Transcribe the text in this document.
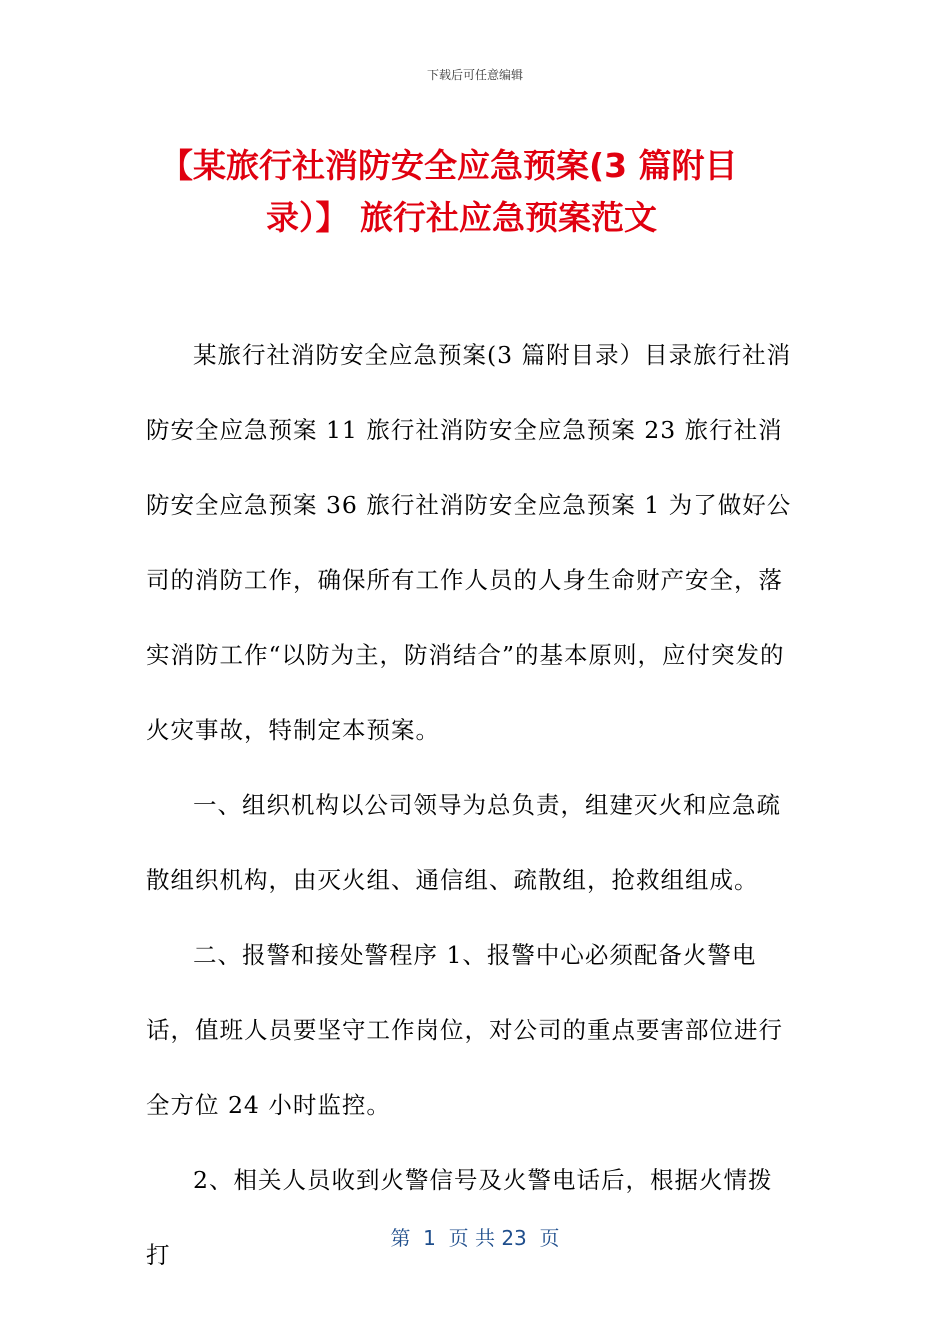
下载后可任意编辑
【某旅行社消防安全应急预案(3 篇附目
录）】 旅行社应急预案范文

某旅行社消防安全应急预案(3 篇附目录）目录旅行社消防安全应急预案 11 旅行社消防安全应急预案 23 旅行社消防安全应急预案 36 旅行社消防安全应急预案 1 为了做好公司的消防工作，确保所有工作人员的人身生命财产安全，落实消防工作“以防为主，防消结合”的基本原则，应付突发的火灾事故，特制定本预案。

一、组织机构以公司领导为总负责，组建灭火和应急疏散组织机构，由灭火组、通信组、疏散组，抢救组组成。

二、报警和接处警程序 1、报警中心必须配备火警电话，值班人员要坚守工作岗位，对公司的重点要害部位进行全方位 24 小时监控。

2、相关人员收到火警信号及火警电话后，根据火情拨打

第  1  页 共 23  页
